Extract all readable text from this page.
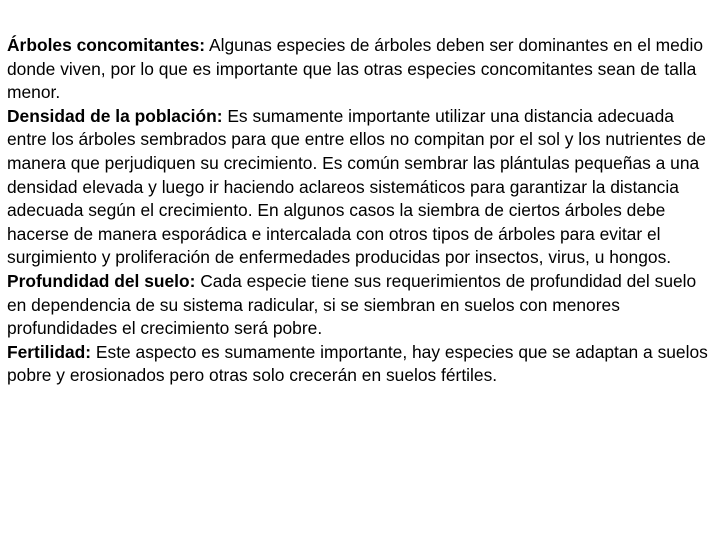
Árboles concomitantes: Algunas especies de árboles deben ser dominantes en el medio donde viven, por lo que es importante que las otras especies concomitantes sean de talla menor.

Densidad de la población: Es sumamente importante utilizar una distancia adecuada entre los árboles sembrados para que entre ellos no compitan por el sol y los nutrientes de manera que perjudiquen su crecimiento. Es común sembrar las plántulas pequeñas a una densidad elevada y luego ir haciendo aclareos sistemáticos para garantizar la distancia adecuada según el crecimiento. En algunos casos la siembra de ciertos árboles debe hacerse de manera esporádica e intercalada con otros tipos de árboles para evitar el surgimiento y proliferación de enfermedades producidas por insectos, virus, u hongos.

Profundidad del suelo: Cada especie tiene sus requerimientos de profundidad del suelo en dependencia de su sistema radicular, si se siembran en suelos con menores profundidades el crecimiento será pobre.

Fertilidad: Este aspecto es sumamente importante, hay especies que se adaptan a suelos pobre y erosionados pero otras solo crecerán en suelos fértiles.
